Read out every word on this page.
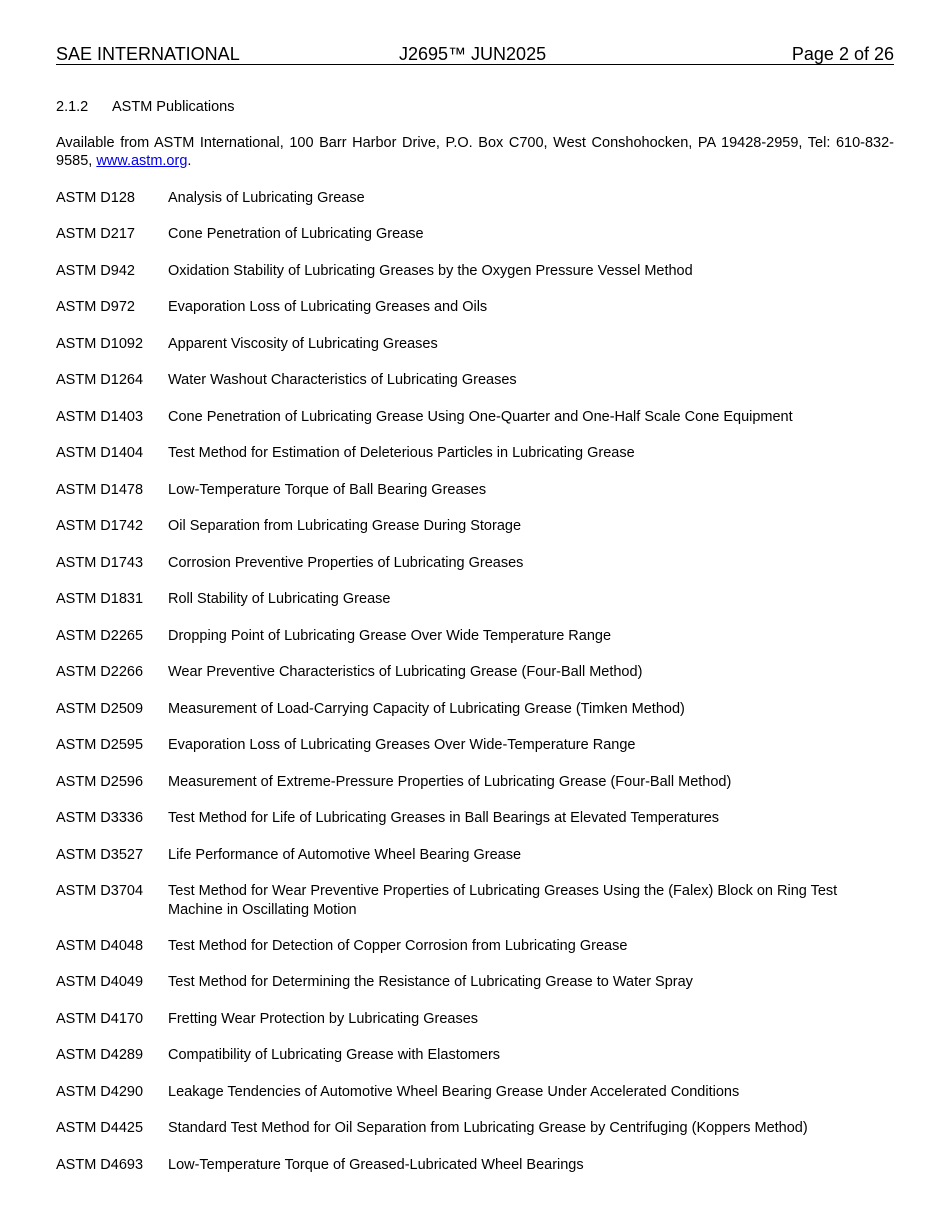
SAE INTERNATIONAL	J2695™ JUN2025	Page 2 of 26
2.1.2 ASTM Publications
Available from ASTM International, 100 Barr Harbor Drive, P.O. Box C700, West Conshohocken, PA 19428-2959, Tel: 610-832-9585, www.astm.org.
ASTM D128	Analysis of Lubricating Grease
ASTM D217	Cone Penetration of Lubricating Grease
ASTM D942	Oxidation Stability of Lubricating Greases by the Oxygen Pressure Vessel Method
ASTM D972	Evaporation Loss of Lubricating Greases and Oils
ASTM D1092	Apparent Viscosity of Lubricating Greases
ASTM D1264	Water Washout Characteristics of Lubricating Greases
ASTM D1403	Cone Penetration of Lubricating Grease Using One-Quarter and One-Half Scale Cone Equipment
ASTM D1404	Test Method for Estimation of Deleterious Particles in Lubricating Grease
ASTM D1478	Low-Temperature Torque of Ball Bearing Greases
ASTM D1742	Oil Separation from Lubricating Grease During Storage
ASTM D1743	Corrosion Preventive Properties of Lubricating Greases
ASTM D1831	Roll Stability of Lubricating Grease
ASTM D2265	Dropping Point of Lubricating Grease Over Wide Temperature Range
ASTM D2266	Wear Preventive Characteristics of Lubricating Grease (Four-Ball Method)
ASTM D2509	Measurement of Load-Carrying Capacity of Lubricating Grease (Timken Method)
ASTM D2595	Evaporation Loss of Lubricating Greases Over Wide-Temperature Range
ASTM D2596	Measurement of Extreme-Pressure Properties of Lubricating Grease (Four-Ball Method)
ASTM D3336	Test Method for Life of Lubricating Greases in Ball Bearings at Elevated Temperatures
ASTM D3527	Life Performance of Automotive Wheel Bearing Grease
ASTM D3704	Test Method for Wear Preventive Properties of Lubricating Greases Using the (Falex) Block on Ring Test Machine in Oscillating Motion
ASTM D4048	Test Method for Detection of Copper Corrosion from Lubricating Grease
ASTM D4049	Test Method for Determining the Resistance of Lubricating Grease to Water Spray
ASTM D4170	Fretting Wear Protection by Lubricating Greases
ASTM D4289	Compatibility of Lubricating Grease with Elastomers
ASTM D4290	Leakage Tendencies of Automotive Wheel Bearing Grease Under Accelerated Conditions
ASTM D4425	Standard Test Method for Oil Separation from Lubricating Grease by Centrifuging (Koppers Method)
ASTM D4693	Low-Temperature Torque of Greased-Lubricated Wheel Bearings
